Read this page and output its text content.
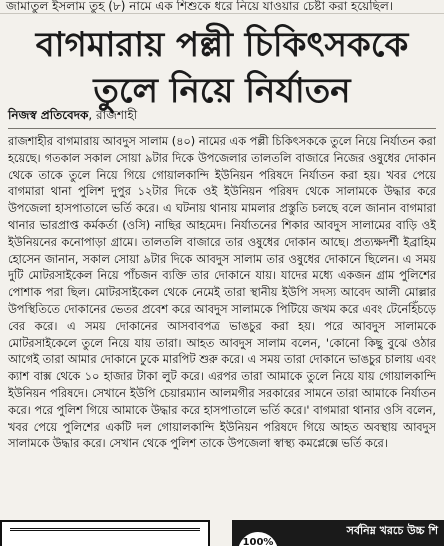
জামাতুল ইসলাম তুহ (৮) নামে এক শিশুকে ধরে নিয়ে যাওয়ার চেষ্টা করা হয়েছিল।
বাগমারায় পল্লী চিকিৎসককে
তুলে নিয়ে নির্যাতন
নিজস্ব প্রতিবেদক, রাজশাহী

রাজশাহীর বাগমারায় আবদুস সালাম (৪০) নামের এক পল্লী চিকিৎসককে তুলে নিয়ে নির্যাতন করা হয়েছে। গতকাল সকাল সোয়া ৯টার দিকে উপজেলার তালতলি বাজারে নিজের ওষুধের দোকান থেকে তাকে তুলে নিয়ে গিয়ে গোয়ালকান্দি ইউনিয়ন পরিষদে নির্যাতন করা হয়। খবর পেয়ে বাগমারা থানা পুলিশ দুপুর ১২টার দিকে ওই ইউনিয়ন পরিষদ থেকে সালামকে উদ্ধার করে উপজেলা হাসপাতালে ভর্তি করে। এ ঘটনায় থানায় মামলার প্রস্তুতি চলছে বলে জানান বাগমারা থানার ভারপ্রাপ্ত কর্মকর্তা (ওসি) নাছির আহমেদ। নির্যাতনের শিকার আবদুস সালামের বাড়ি ওই ইউনিয়নের কনোপাড়া গ্রামে। তালতলি বাজারে তার ওষুধের দোকান আছে। প্রত্যক্ষদর্শী ইব্রাহিম হোসেন জানান, সকাল সোয়া ৯টার দিকে আবদুস সালাম তার ওষুধের দোকানে ছিলেন। এ সময় দুটি মোটরসাইকেল নিয়ে পাঁচজন ব্যক্তি তার দোকানে যায়। যাদের মধ্যে একজন গ্রাম পুলিশের পোশাক পরা ছিল। মোটরসাইকেল থেকে নেমেই তারা স্থানীয় ইউপি সদস্য আবেদ আলী মোল্লার উপস্থিতিতে দোকানের ভেতর প্রবেশ করে আবদুস সালামকে পিটিয়ে জখম করে এবং টেনেহিঁচড়ে বের করে। এ সময় দোকানের আসবাবপত্র ভাঙচুর করা হয়। পরে আবদুস সালামকে মোটরসাইকেলে তুলে নিয়ে যায় তারা। আহত আবদুস সালাম বলেন, 'কোনো কিছু বুঝে ওঠার আগেই তারা আমার দোকানে ঢুকে মারপিট শুরু করে। এ সময় তারা দোকানে ভাঙচুর চালায় এবং ক্যাশ বাক্স থেকে ১০ হাজার টাকা লুট করে। এরপর তারা আমাকে তুলে নিয়ে যায় গোয়ালকান্দি ইউনিয়ন পরিষদে। সেখানে ইউপি চেয়ারম্যান আলমগীর সরকারের সামনে তারা আমাকে নির্যাতন করে। পরে পুলিশ গিয়ে আমাকে উদ্ধার করে হাসপাতালে ভর্তি করে।' বাগমারা থানার ওসি বলেন, খবর পেয়ে পুলিশের একটি দল গোয়ালকান্দি ইউনিয়ন পরিষদে গিয়ে আহত অবস্থায় আবদুস সালামকে উদ্ধার করে। সেখান থেকে পুলিশ তাকে উপজেলা স্বাস্থ্য কমপ্লেক্সে ভর্তি করে।

সর্বনিম্ন খরচে উচ্চ শি
100%
